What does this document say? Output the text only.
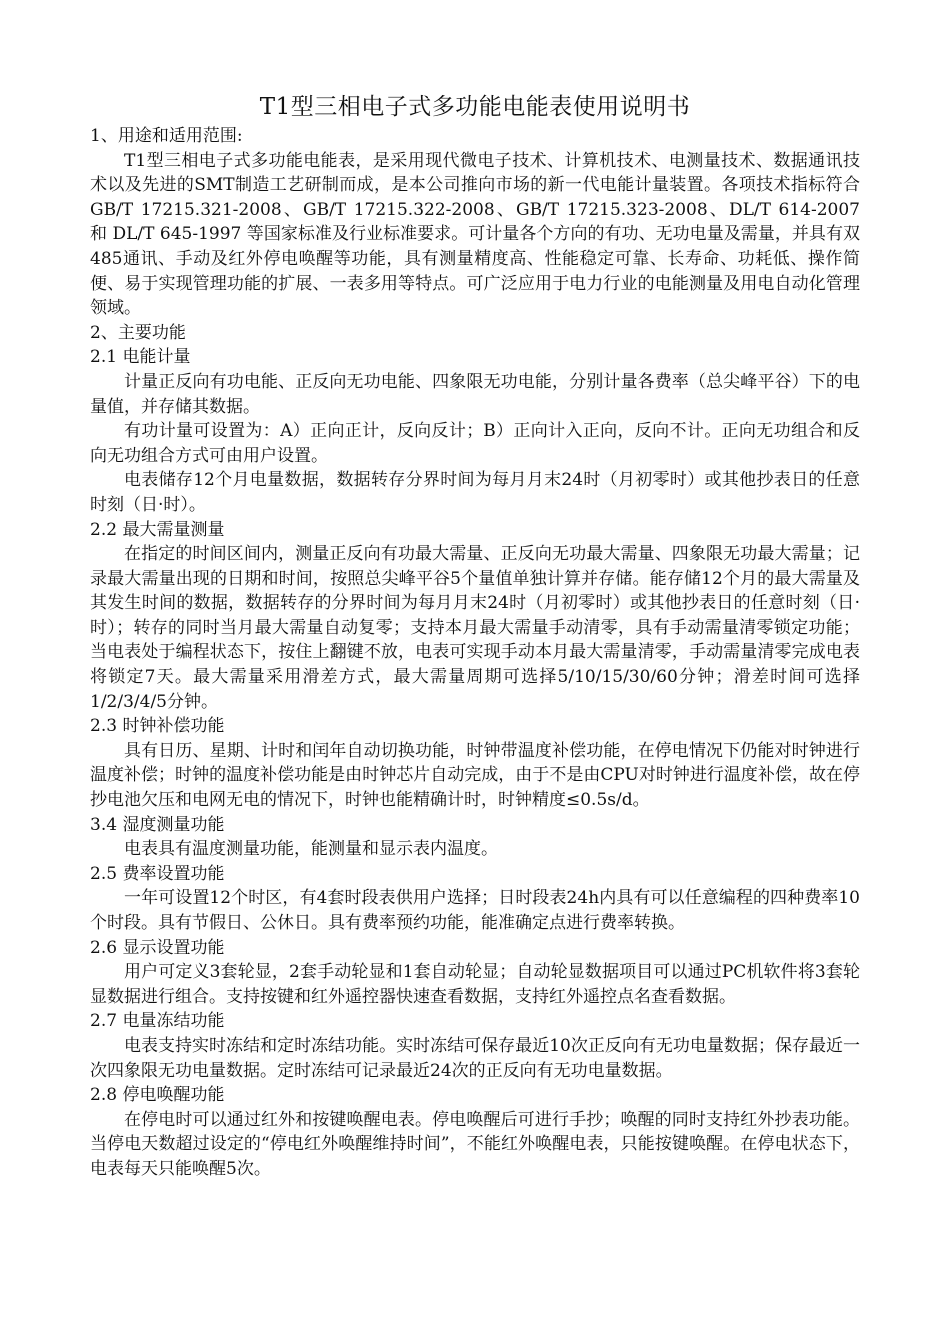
T1型三相电子式多功能电能表使用说明书

1、用途和适用范围:

T1型三相电子式多功能电能表，是采用现代微电子技术、计算机技术、电测量技术、数据通讯技术以及先进的SMT制造工艺研制而成，是本公司推向市场的新一代电能计量装置。各项技术指标符合 GB/T 17215.321-2008、GB/T 17215.322-2008、GB/T 17215.323-2008、DL/T 614-2007 和 DL/T 645-1997 等国家标准及行业标准要求。可计量各个方向的有功、无功电量及需量，并具有双485通讯、手动及红外停电唤醒等功能，具有测量精度高、性能稳定可靠、长寿命、功耗低、操作简便、易于实现管理功能的扩展、一表多用等特点。可广泛应用于电力行业的电能测量及用电自动化管理领域。

2、主要功能

2.1 电能计量

计量正反向有功电能、正反向无功电能、四象限无功电能，分别计量各费率（总尖峰平谷）下的电量值，并存储其数据。

有功计量可设置为：A）正向正计，反向反计；B）正向计入正向，反向不计。正向无功组合和反向无功组合方式可由用户设置。

电表储存12个月电量数据，数据转存分界时间为每月月末24时（月初零时）或其他抄表日的任意时刻（日·时）。

2.2 最大需量测量

在指定的时间区间内，测量正反向有功最大需量、正反向无功最大需量、四象限无功最大需量；记录最大需量出现的日期和时间，按照总尖峰平谷5个量值单独计算并存储。能存储12个月的最大需量及其发生时间的数据，数据转存的分界时间为每月月末24时（月初零时）或其他抄表日的任意时刻（日·时）；转存的同时当月最大需量自动复零；支持本月最大需量手动清零，具有手动需量清零锁定功能；当电表处于编程状态下，按住上翻键不放，电表可实现手动本月最大需量清零，手动需量清零完成电表将锁定7天。最大需量采用滑差方式，最大需量周期可选择5/10/15/30/60分钟；滑差时间可选择1/2/3/4/5分钟。

2.3 时钟补偿功能

具有日历、星期、计时和闰年自动切换功能，时钟带温度补偿功能，在停电情况下仍能对时钟进行温度补偿；时钟的温度补偿功能是由时钟芯片自动完成，由于不是由CPU对时钟进行温度补偿，故在停抄电池欠压和电网无电的情况下，时钟也能精确计时，时钟精度≤0.5s/d。

3.4 湿度测量功能

电表具有温度测量功能，能测量和显示表内温度。

2.5 费率设置功能

一年可设置12个时区，有4套时段表供用户选择；日时段表24h内具有可以任意编程的四种费率10个时段。具有节假日、公休日。具有费率预约功能，能准确定点进行费率转换。

2.6 显示设置功能

用户可定义3套轮显，2套手动轮显和1套自动轮显；自动轮显数据项目可以通过PC机软件将3套轮显数据进行组合。支持按键和红外遥控器快速查看数据，支持红外遥控点名查看数据。

2.7 电量冻结功能

电表支持实时冻结和定时冻结功能。实时冻结可保存最近10次正反向有无功电量数据；保存最近一次四象限无功电量数据。定时冻结可记录最近24次的正反向有无功电量数据。

2.8 停电唤醒功能

在停电时可以通过红外和按键唤醒电表。停电唤醒后可进行手抄；唤醒的同时支持红外抄表功能。当停电天数超过设定的“停电红外唤醒维持时间”，不能红外唤醒电表，只能按键唤醒。在停电状态下，电表每天只能唤醒5次。
